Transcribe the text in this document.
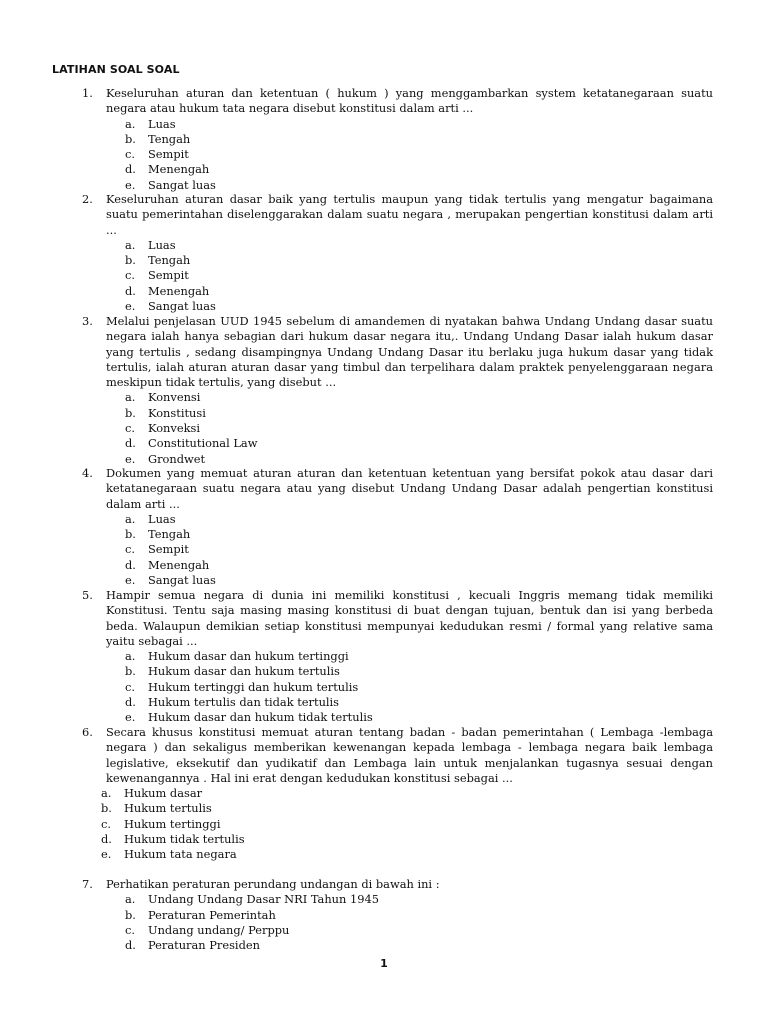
LATIHAN SOAL SOAL
1. Keseluruhan aturan dan ketentuan ( hukum ) yang menggambarkan system ketatanegaraan suatu negara atau hukum tata negara disebut konstitusi dalam arti ...
a. Luas
b. Tengah
c. Sempit
d. Menengah
e. Sangat luas
2. Keseluruhan aturan dasar baik yang tertulis maupun yang tidak tertulis yang mengatur bagaimana suatu pemerintahan diselenggarakan dalam suatu negara , merupakan pengertian konstitusi dalam arti ...
a. Luas
b. Tengah
c. Sempit
d. Menengah
e. Sangat luas
3. Melalui penjelasan UUD 1945 sebelum di amandemen di nyatakan bahwa Undang Undang dasar suatu negara ialah hanya sebagian dari hukum dasar negara itu,. Undang Undang Dasar ialah hukum dasar yang tertulis , sedang disampingnya Undang Undang Dasar itu berlaku juga hukum dasar yang tidak tertulis, ialah aturan aturan dasar yang timbul dan terpelihara dalam praktek penyelenggaraan negara meskipun tidak tertulis, yang disebut ...
a. Konvensi
b. Konstitusi
c. Konveksi
d. Constitutional Law
e. Grondwet
4. Dokumen yang memuat aturan aturan dan ketentuan ketentuan yang bersifat pokok atau dasar dari ketatanegaraan suatu negara atau yang disebut Undang Undang Dasar adalah pengertian konstitusi dalam arti ...
a. Luas
b. Tengah
c. Sempit
d. Menengah
e. Sangat luas
5. Hampir semua negara di dunia ini memiliki konstitusi , kecuali Inggris memang tidak memiliki Konstitusi. Tentu saja masing masing konstitusi di buat dengan tujuan, bentuk dan isi yang berbeda beda. Walaupun demikian setiap konstitusi mempunyai kedudukan resmi / formal yang relative sama yaitu sebagai ...
a. Hukum dasar dan hukum tertinggi
b. Hukum dasar dan hukum tertulis
c. Hukum tertinggi dan hukum tertulis
d. Hukum tertulis dan tidak tertulis
e. Hukum dasar dan hukum tidak tertulis
6. Secara khusus konstitusi memuat aturan tentang badan - badan pemerintahan ( Lembaga -lembaga negara ) dan sekaligus memberikan kewenangan kepada lembaga - lembaga negara baik lembaga legislative, eksekutif dan yudikatif dan Lembaga lain untuk menjalankan tugasnya sesuai dengan kewenangannya . Hal ini erat dengan kedudukan konstitusi sebagai ...
a. Hukum dasar
b. Hukum tertulis
c. Hukum tertinggi
d. Hukum tidak tertulis
e. Hukum tata negara
7. Perhatikan peraturan perundang undangan di bawah ini :
a. Undang Undang Dasar NRI Tahun 1945
b. Peraturan Pemerintah
c. Undang undang/ Perppu
d. Peraturan Presiden
1
